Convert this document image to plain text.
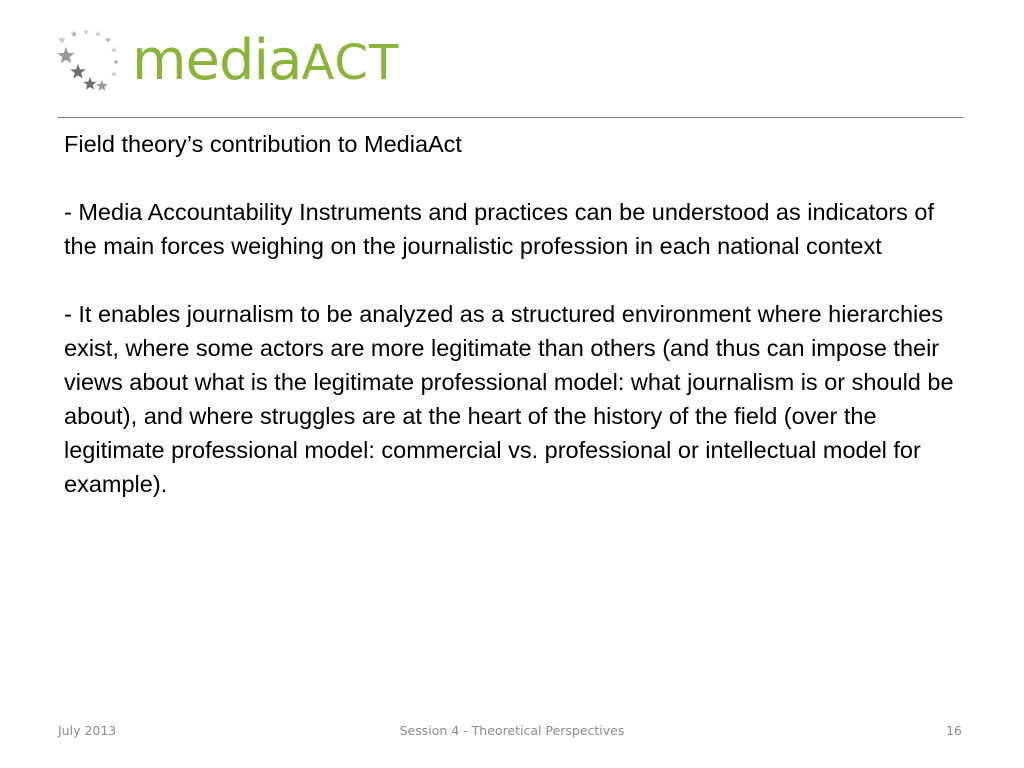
mediaACT

Field theory’s contribution to MediaAct

- Media Accountability Instruments and practices can be understood as indicators of the main forces weighing on the journalistic profession in each national context

- It enables journalism to be analyzed as a structured environment where hierarchies exist, where some actors are more legitimate than others (and thus can impose their views about what is the legitimate professional model: what journalism is or should be about), and where struggles are at the heart of the history of the field (over the legitimate professional model: commercial vs. professional or intellectual model for example).

July 2013	Session 4 - Theoretical Perspectives	16
